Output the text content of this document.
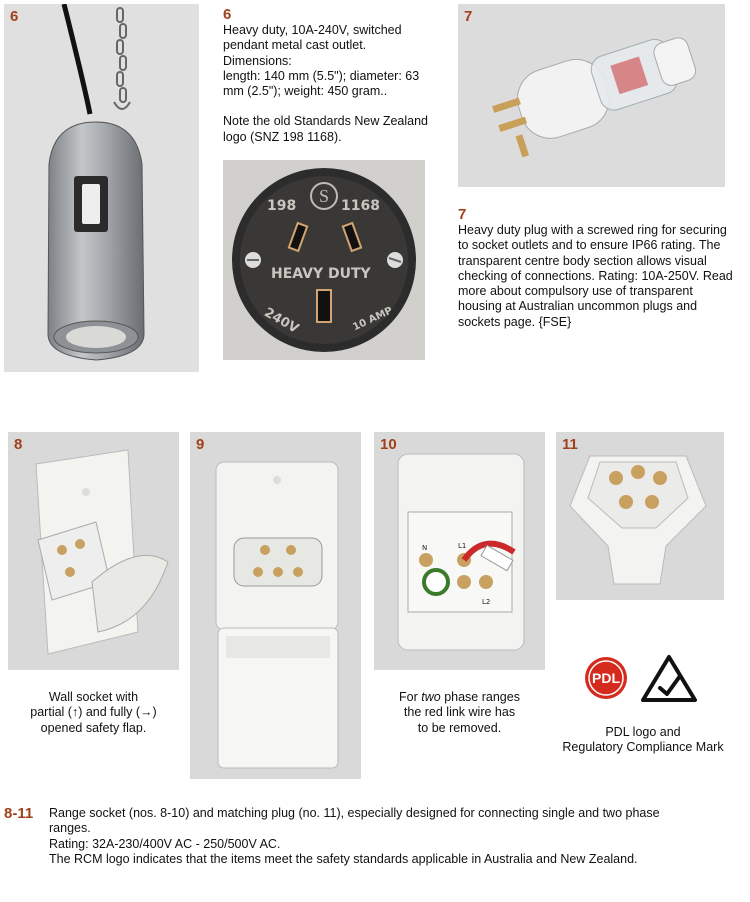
6	6
Heavy duty, 10A-240V, switched pendant metal cast outlet.
Dimensions:
length: 140 mm (5.5"); diameter: 63 mm (2.5"); weight: 450 gram..
Note the old Standards New Zealand logo (SNZ 198 1168).
S
198	1168
HEAVY DUTY
240V	10 AMP
7
7
Heavy duty plug with a screwed ring for securing to socket outlets and to ensure IP66 rating. The transparent centre body section allows visual checking of connections. Rating: 10A-250V. Read more about compulsory use of transparent housing at Australian uncommon plugs and sockets page. {FSE}
8	9
N	L1
L2
10	11
PDL
Wall socket with
partial (↑) and fully (→)
opened safety flap.
For two phase ranges
the red link wire has
to be removed.	PDL logo and
Regulatory Compliance Mark
8-11 Range socket (nos. 8-10) and matching plug (no. 11), especially designed for connecting single and two phase
ranges.
Rating: 32A-230/400V AC - 250/500V AC.
The RCM logo indicates that the items meet the safety standards applicable in Australia and New Zealand.
